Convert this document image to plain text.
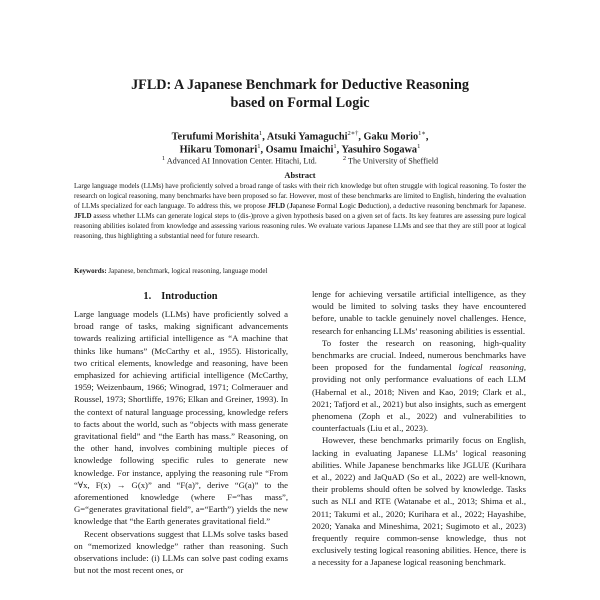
JFLD: A Japanese Benchmark for Deductive Reasoning
based on Formal Logic
Terufumi Morishita$^1$, Atsuki Yamaguchi$^{2∗\dagger}$, Gaku Morio$^{1∗}$,
Hikaru Tomonari$^1$, Osamu Imaichi$^1$, Yasuhiro Sogawa$^1$
$^1$ Advanced AI Innovation Center. Hitachi, Ltd.	$^2$ The University of Sheffield
Abstract
Large language models (LLMs) have proficiently solved a broad range of tasks with their rich knowledge but often struggle with logical reasoning. To foster the research on logical reasoning, many benchmarks have been proposed so far. However, most of these benchmarks are limited to English, hindering the evaluation of LLMs specialized for each language. To address this, we propose JFLD (Japanese Formal Logic Deduction), a deductive reasoning benchmark for Japanese. JFLD assess whether LLMs can generate logical steps to (dis-)prove a given hypothesis based on a given set of facts. Its key features are assessing pure logical reasoning abilities isolated from knowledge and assessing various reasoning rules. We evaluate various Japanese LLMs and see that they are still poor at logical reasoning, thus highlighting a substantial need for future research.
Keywords: Japanese, benchmark, logical reasoning, language model
1. Introduction

Large language models (LLMs) have proficiently solved a broad range of tasks, making significant advancements towards realizing artificial intelligence as “A machine that thinks like humans” (McCarthy et al., 1955). Historically, two critical elements, knowledge and reasoning, have been emphasized for achieving artificial intelligence (McCarthy, 1959; Weizenbaum, 1966; Winograd, 1971; Colmerauer and Roussel, 1973; Shortliffe, 1976; Elkan and Greiner, 1993). In the context of natural language processing, knowledge refers to facts about the world, such as “objects with mass generate gravitational field” and “the Earth has mass.” Reasoning, on the other hand, involves combining multiple pieces of knowledge following specific rules to generate new knowledge. For instance, applying the reasoning rule “From “∀x, F(x) → G(x)” and “F(a)”, derive “G(a)” to the aforementioned knowledge (where F=“has mass”, G=“generates gravitational field”, a=“Earth”) yields the new knowledge that “the Earth generates gravitational field.”

Recent observations suggest that LLMs solve tasks based on “memorized knowledge” rather than reasoning. Such observations include: (i) LLMs can solve past coding exams but not the most recent ones, or

lenge for achieving versatile artificial intelligence, as they would be limited to solving tasks they have encountered before, unable to tackle genuinely novel challenges. Hence, research for enhancing LLMs’ reasoning abilities is essential.

To foster the research on reasoning, high-quality benchmarks are crucial. Indeed, numerous benchmarks have been proposed for the fundamental logical reasoning, providing not only performance evaluations of each LLM (Habernal et al., 2018; Niven and Kao, 2019; Clark et al., 2021; Tafjord et al., 2021) but also insights, such as emergent phenomena (Zoph et al., 2022) and vulnerabilities to counterfactuals (Liu et al., 2023).

However, these benchmarks primarily focus on English, lacking in evaluating Japanese LLMs’ logical reasoning abilities. While Japanese benchmarks like JGLUE (Kurihara et al., 2022) and JaQuAD (So et al., 2022) are well-known, their problems should often be solved by knowledge. Tasks such as NLI and RTE (Watanabe et al., 2013; Shima et al., 2011; Takumi et al., 2020; Kurihara et al., 2022; Hayashibe, 2020; Yanaka and Mineshima, 2021; Sugimoto et al., 2023) frequently require common-sense knowledge, thus not exclusively testing logical reasoning abilities. Hence, there is a necessity for a Japanese logical reasoning benchmark.
